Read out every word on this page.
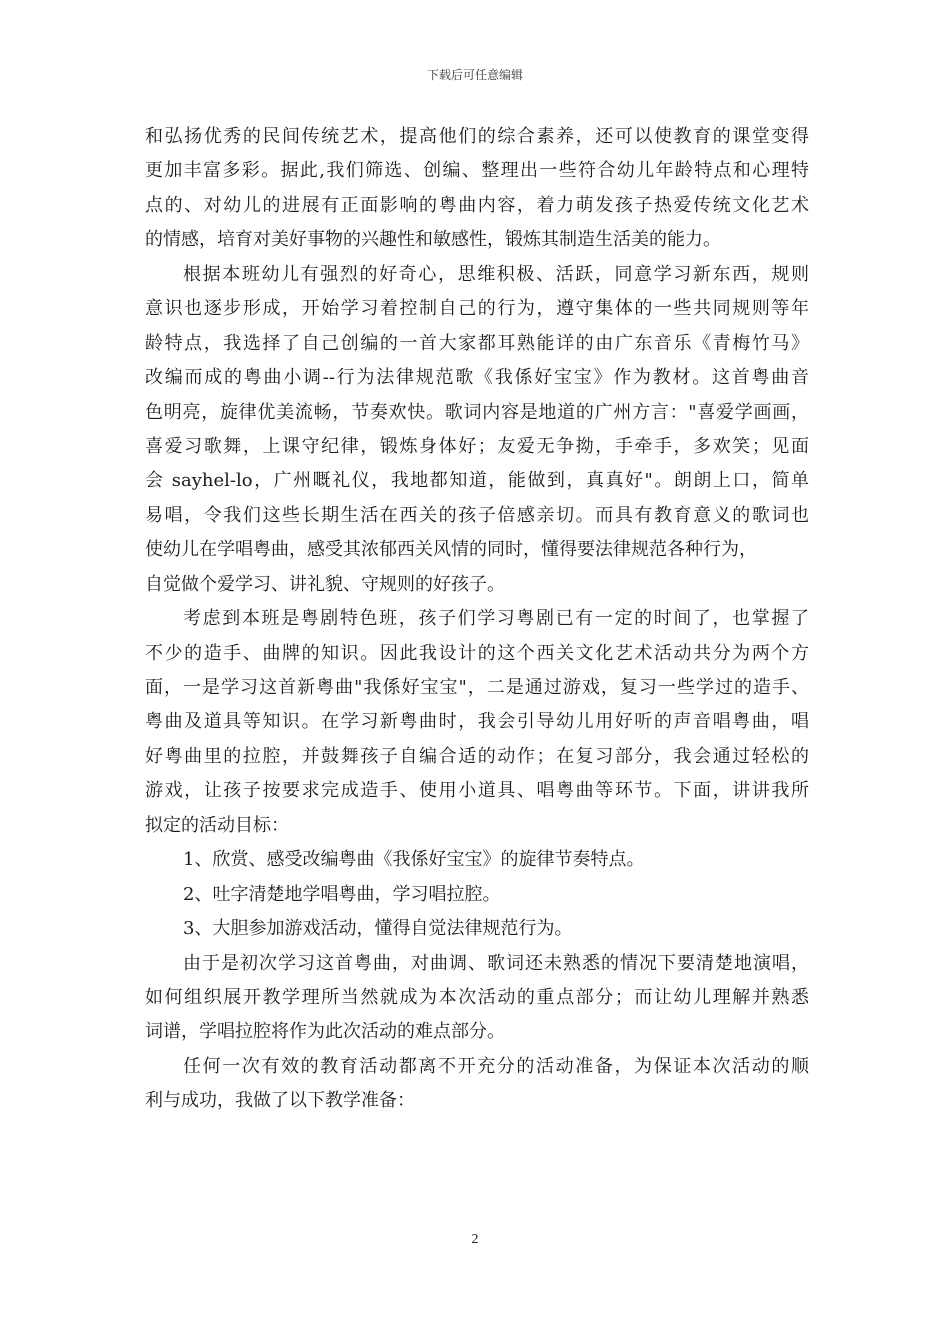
下载后可任意编辑
和弘扬优秀的民间传统艺术，提高他们的综合素养，还可以使教育的课堂变得
更加丰富多彩。据此,我们筛选、创编、整理出一些符合幼儿年龄特点和心理特
点的、对幼儿的进展有正面影响的粤曲内容，着力萌发孩子热爱传统文化艺术
的情感，培育对美好事物的兴趣性和敏感性，锻炼其制造生活美的能力。
根据本班幼儿有强烈的好奇心，思维积极、活跃，同意学习新东西，规则
意识也逐步形成，开始学习着控制自己的行为，遵守集体的一些共同规则等年
龄特点，我选择了自己创编的一首大家都耳熟能详的由广东音乐《青梅竹马》
改编而成的粤曲小调--行为法律规范歌《我係好宝宝》作为教材。这首粤曲音
色明亮，旋律优美流畅，节奏欢快。歌词内容是地道的广州方言："喜爱学画画，
喜爱习歌舞，上课守纪律，锻炼身体好；友爱无争拗，手牵手，多欢笑；见面
会 sayhel-lo，广州嘅礼仪，我地都知道，能做到，真真好"。朗朗上口，简单
易唱，令我们这些长期生活在西关的孩子倍感亲切。而具有教育意义的歌词也
使幼儿在学唱粤曲，感受其浓郁西关风情的同时，懂得要法律规范各种行为，
自觉做个爱学习、讲礼貌、守规则的好孩子。
考虑到本班是粤剧特色班，孩子们学习粤剧已有一定的时间了，也掌握了
不少的造手、曲牌的知识。因此我设计的这个西关文化艺术活动共分为两个方
面，一是学习这首新粤曲"我係好宝宝"，二是通过游戏，复习一些学过的造手、
粤曲及道具等知识。在学习新粤曲时，我会引导幼儿用好听的声音唱粤曲，唱
好粤曲里的拉腔，并鼓舞孩子自编合适的动作；在复习部分，我会通过轻松的
游戏，让孩子按要求完成造手、使用小道具、唱粤曲等环节。下面，讲讲我所
拟定的活动目标：
1、欣赏、感受改编粤曲《我係好宝宝》的旋律节奏特点。
2、吐字清楚地学唱粤曲，学习唱拉腔。
3、大胆参加游戏活动，懂得自觉法律规范行为。
由于是初次学习这首粤曲，对曲调、歌词还未熟悉的情况下要清楚地演唱，
如何组织展开教学理所当然就成为本次活动的重点部分；而让幼儿理解并熟悉
词谱，学唱拉腔将作为此次活动的难点部分。
任何一次有效的教育活动都离不开充分的活动准备，为保证本次活动的顺
利与成功，我做了以下教学准备：
2
